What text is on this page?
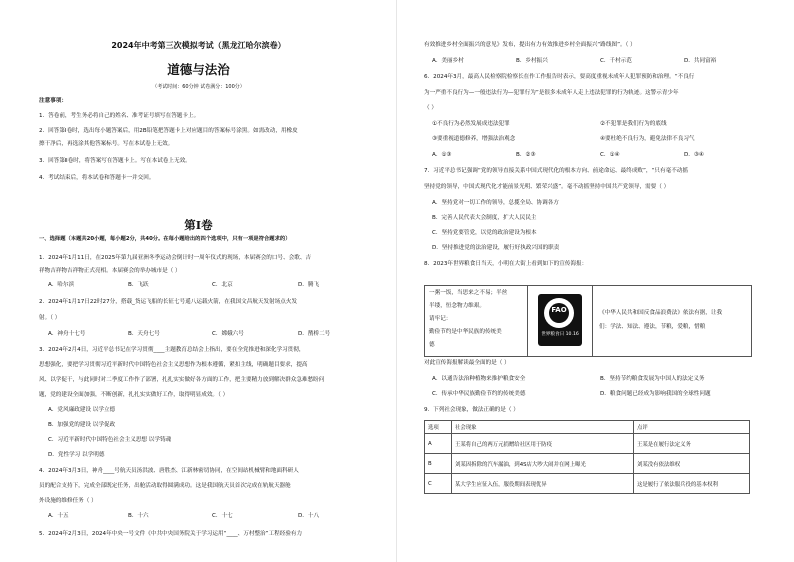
2024年中考第三次模拟考试（黑龙江哈尔滨卷）
道德与法治
（考试时间：60分钟 试卷满分：100分）
注意事项：
1．答卷前，考生务必将自己的姓名、准考证号填写在答题卡上。
2．回答第Ⅰ卷时，选出每小题答案后，用2B铅笔把答题卡上对应题目的答案标号涂黑。如需改动，用橡皮
擦干净后，再选涂其他答案标号。写在本试卷上无效。
3．回答第Ⅱ卷时，将答案写在答题卡上。写在本试卷上无效。
4．考试结束后，将本试卷和答题卡一并交回。
第Ⅰ卷
一、选择题（本题共20小题，每小题2分，共40分。在每小题给出的四个选项中，只有一项是符合题求的）
1．2024年1月11日，在2025年第九届亚洲冬季运动会倒计时一周年仪式的现场，本届赛会的口号、会歌、吉
祥物吉祥物吉祥物正式亮相。本届赛会的举办城市是（ ）
A．哈尔滨	B．飞跃	C．北京	D．腾飞
2．2024年1月17日22时27分，搭载_货运飞船的长征七号遥八运载火箭，在我国文昌航天发射场点火发
射。（ ）
A．神舟十七号	B．天舟七号	C．嫦娥六号	D．鹊桥二号
3．2024年2月4日，习近平总书记在学习贯彻____主题教育总结会上指出，要在全党推进和深化学习贯彻，
思想强化，要把学习贯彻习近平新时代中国特色社会主义思想作为根本遵循，紧扣主线，明确题目要求，提高
风、以学促干，与此同时对二季度工作作了部署，扎扎实实做好各方面的工作，把主要精力放到解决群众急难愁盼问
题，党的建设全面加强，不断创新，扎扎实实做好工作，取得明显成效。（ ）
A．党风廉政建设 以学立德
B．加强党的建设 以学促政
C．习近平新时代中国特色社会主义思想 以学铸魂
D．党性学习 以学明德
4．2024年3月3日，神舟____号航天员汤洪波、唐胜杰、江新林密切协同，在空间站机械臂和地面科研人
员的配合支持下，完成全部既定任务，出舱活动取得圆满成功。这是我国航天员首次完成在轨航天器舱
外设施的维修任务（ ）
A．十五	B．十六	C．十七	D．十八
5．2024年2月3日，2024年中央一号文件《中共中央国务院关于学习运用“____、万村整治”工程经验有力
有效推进乡村全面振兴的意见》发布，提出有力有效推进乡村全面振兴“路线图”。（ ）
A．美丽乡村	B．乡村振兴	C．千村示范	D．共同富裕
6．2024年3月，最高人民检察院检察长在作工作报告时表示，要高度重视未成年人犯罪预防和治理。“不良行
为一严重不良行为—一般违法行为—犯罪行为”是很多未成年人走上违法犯罪的行为轨迹。这警示青少年
（ ）
①不良行为必然发展成违法犯罪	②不犯罪是我们行为的底线
③要重视道德修养，增强法治观念	④要杜绝不良行为，避免法律不良习气
A．①③	B．②③	C．①④	D．③④
7．习近平总书记强调“党的领导直接关系中国式现代化的根本方向、前途命运、最终成败”，“只有毫不动摇
坚持党的领导，中国式现代化才能前景光明、繁荣兴盛”。毫不动摇坚持中国共产党领导，需要（ ）
A．坚持党对一切工作的领导，总揽全局、协调各方
B．完善人民代表大会制度，扩大人民民主
C．坚持党要管党，以党的政治建设为根本
D．坚持推进党的法治建设，履行好执政兴国的职责
8．2023年世界粮食日当天，小明在大街上看到如下的宣传海报：
一粥一饭，当思来之不易；半丝
半缕，恒念物力维艰。
请牢记：
勤俭节约是中华民族的传统美
德
FAO
世界粮食日 10.16
《中华人民共和国反食品浪费法》依法有据，让我
们：学法、知法、遵法，节粮，爱粮，惜粮
对此宣传海报解读最全面的是（ ）
A．以通告法治种植物来推护粮食安全	B．坚持节约粮食发展为中国人的法定义务
C．传承中华民族勤俭节约的传统美德	D．粮食问题已经成为影响我国的全球性问题
9．下列社会现象，做法正确的是（ ）
选项	社会现象	点评
A	王某将自己的两万元捐赠给社区用于防疫	王某是在履行法定义务
B	刘某因拆除的汽车漏油，到4S店大吵大闹并在网上曝光	刘某没有依法维权
C	某大学生应征入伍，服役期间表现优异	这是履行了依法服兵役的基本权利
